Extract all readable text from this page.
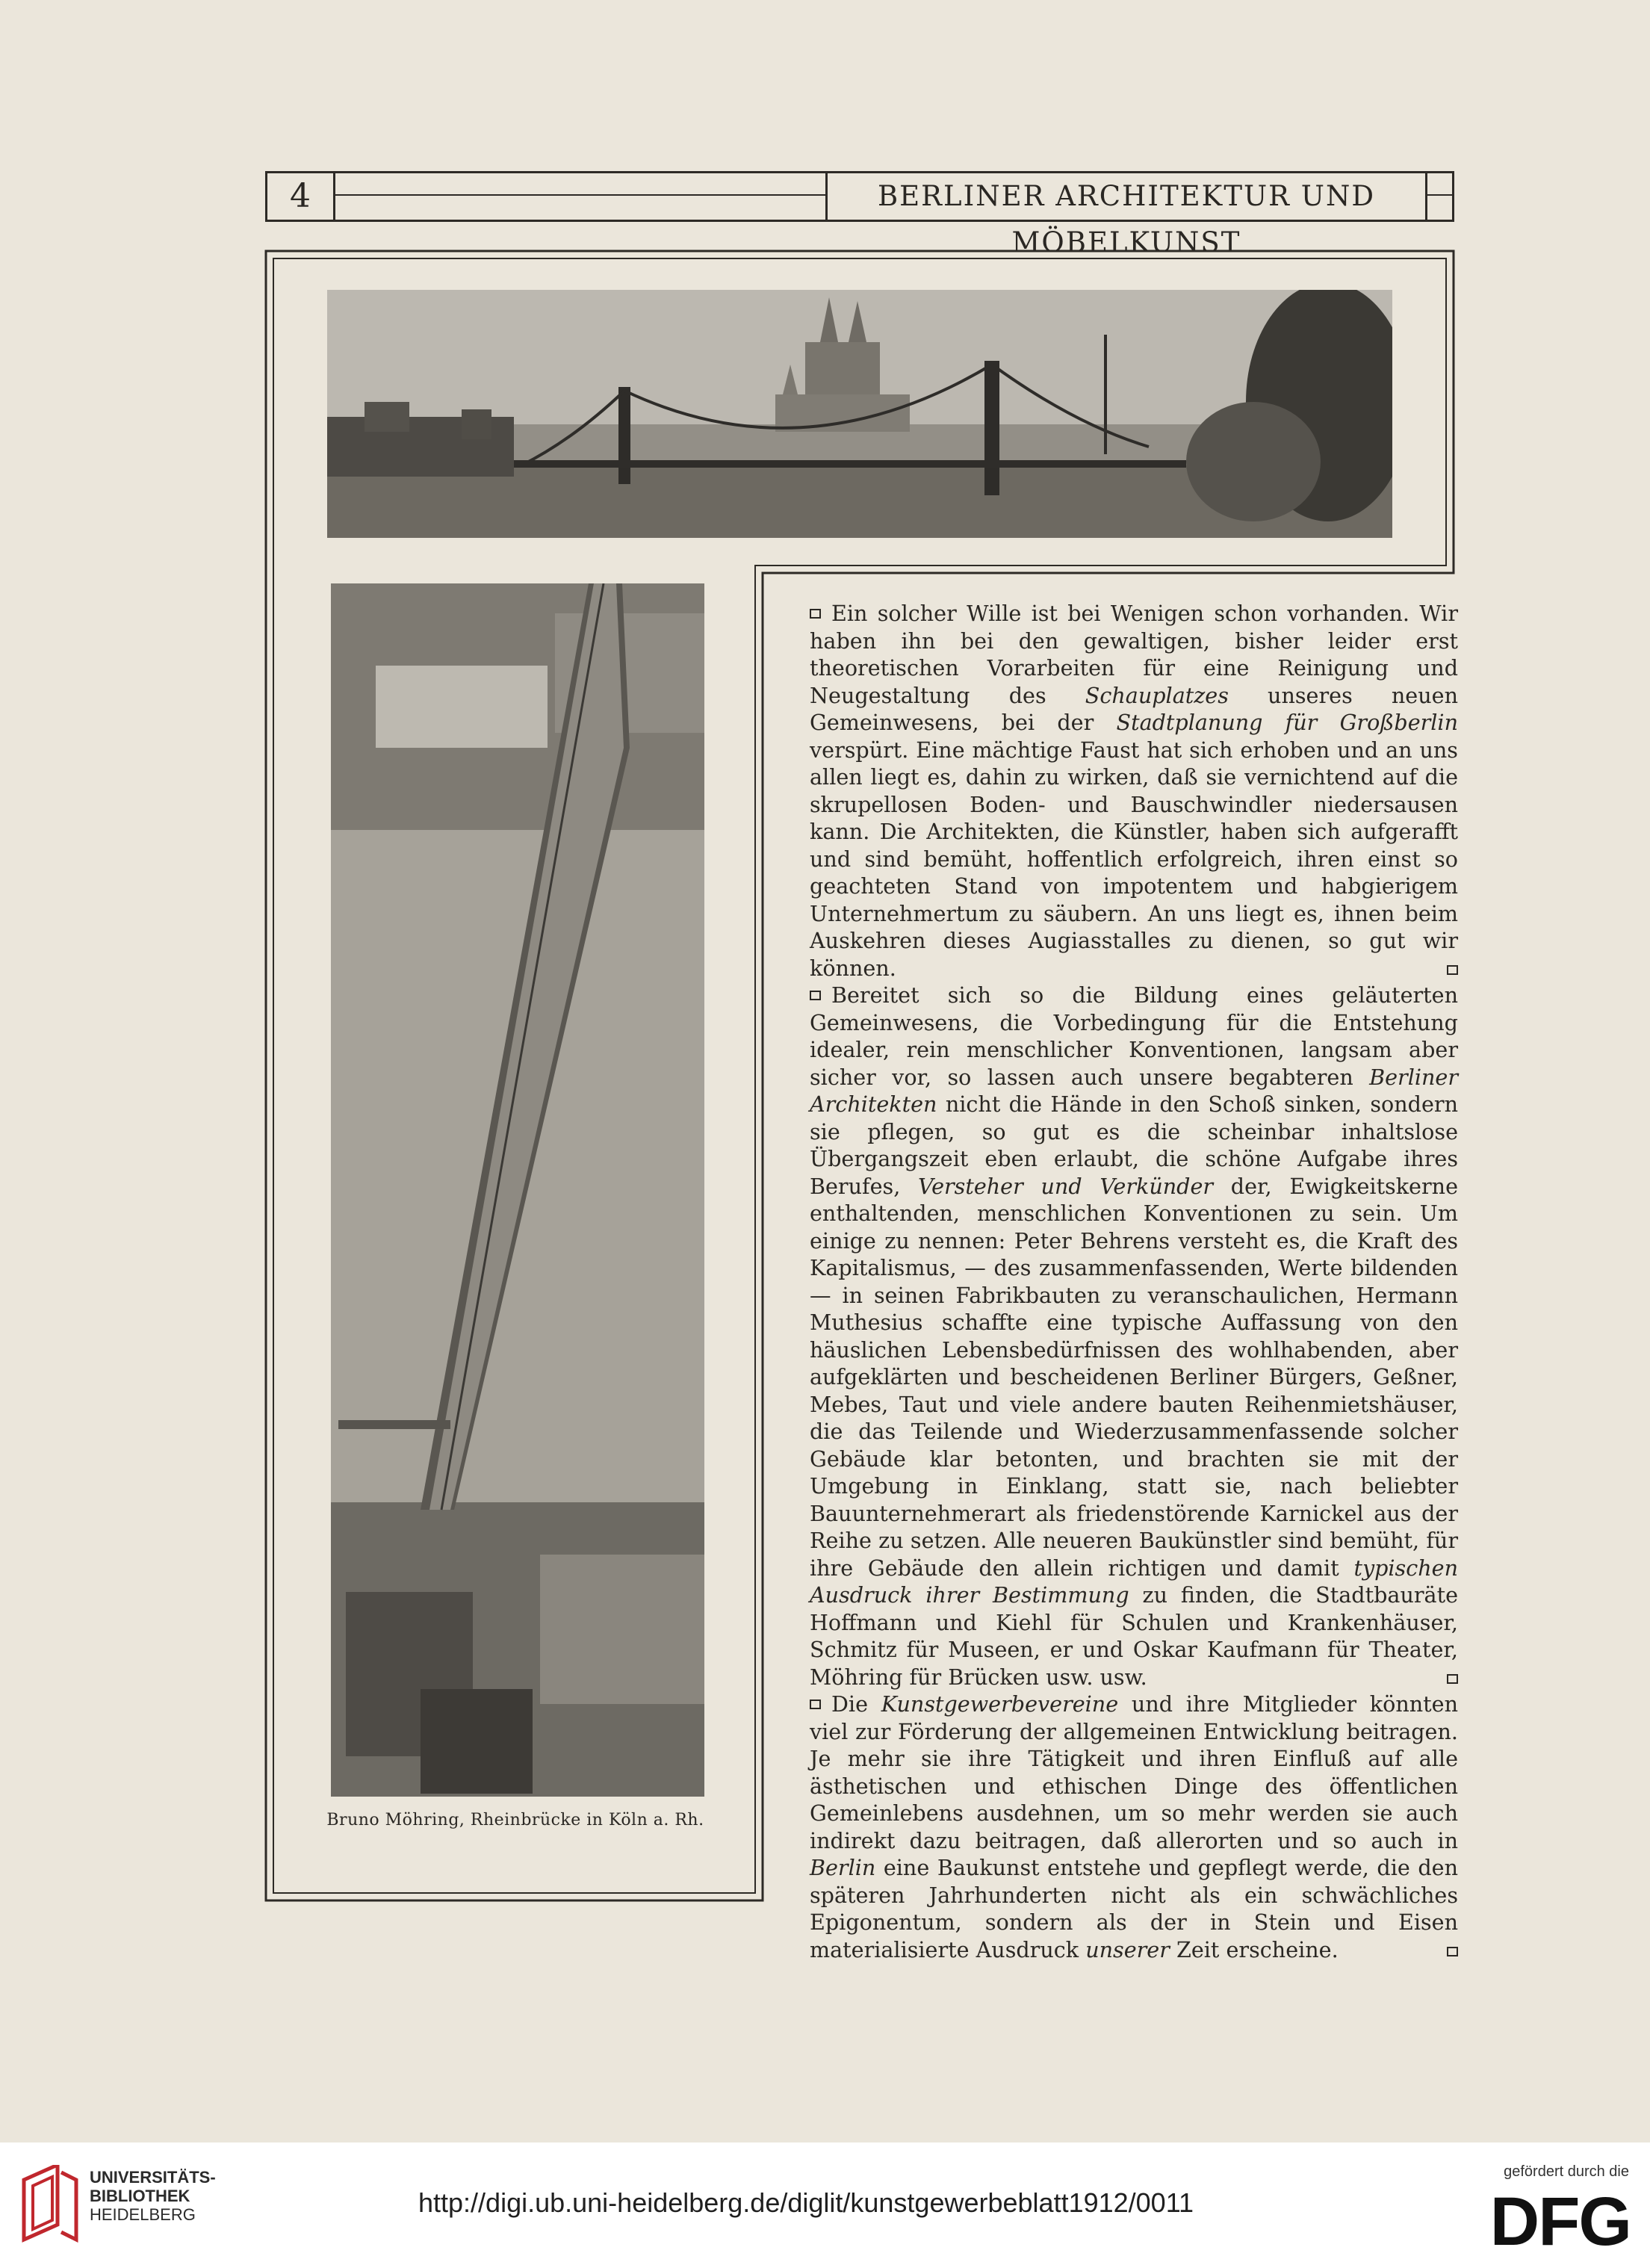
4	BERLINER ARCHITEKTUR UND MÖBELKUNST
Bruno Möhring, Rheinbrücke in Köln a. Rh.

Ein solcher Wille ist bei Wenigen schon vorhanden. Wir haben ihn bei den gewaltigen, bisher leider erst theoretischen Vorarbeiten für eine Reinigung und Neugestaltung des Schauplatzes unseres neuen Gemeinwesens, bei der Stadtplanung für Großberlin verspürt. Eine mächtige Faust hat sich erhoben und an uns allen liegt es, dahin zu wirken, daß sie vernichtend auf die skrupellosen Boden- und Bauschwindler niedersausen kann. Die Architekten, die Künstler, haben sich aufgerafft und sind bemüht, hoffentlich erfolgreich, ihren einst so geachteten Stand von impotentem und habgierigem Unternehmertum zu säubern. An uns liegt es, ihnen beim Auskehren dieses Augiasstalles zu dienen, so gut wir können.

Bereitet sich so die Bildung eines geläuterten Gemeinwesens, die Vorbedingung für die Entstehung idealer, rein menschlicher Konventionen, langsam aber sicher vor, so lassen auch unsere begabteren Berliner Architekten nicht die Hände in den Schoß sinken, sondern sie pflegen, so gut es die scheinbar inhaltslose Übergangszeit eben erlaubt, die schöne Aufgabe ihres Berufes, Versteher und Verkünder der, Ewigkeitskerne enthaltenden, menschlichen Konventionen zu sein. Um einige zu nennen: Peter Behrens versteht es, die Kraft des Kapitalismus, — des zusammenfassenden, Werte bildenden — in seinen Fabrikbauten zu veranschaulichen, Hermann Muthesius schaffte eine typische Auffassung von den häuslichen Lebensbedürfnissen des wohlhabenden, aber aufgeklärten und bescheidenen Berliner Bürgers, Geßner, Mebes, Taut und viele andere bauten Reihenmietshäuser, die das Teilende und Wiederzusammenfassende solcher Gebäude klar betonten, und brachten sie mit der Umgebung in Einklang, statt sie, nach beliebter Bauunternehmerart als friedenstörende Karnickel aus der Reihe zu setzen. Alle neueren Baukünstler sind bemüht, für ihre Gebäude den allein richtigen und damit typischen Ausdruck ihrer Bestimmung zu finden, die Stadtbauräte Hoffmann und Kiehl für Schulen und Krankenhäuser, Schmitz für Museen, er und Oskar Kaufmann für Theater, Möhring für Brücken usw. usw.

Die Kunstgewerbevereine und ihre Mitglieder könnten viel zur Förderung der allgemeinen Entwicklung beitragen. Je mehr sie ihre Tätigkeit und ihren Einfluß auf alle ästhetischen und ethischen Dinge des öffentlichen Gemeinlebens ausdehnen, um so mehr werden sie auch indirekt dazu beitragen, daß allerorten und so auch in Berlin eine Baukunst entstehe und gepflegt werde, die den späteren Jahrhunderten nicht als ein schwächliches Epigonentum, sondern als der in Stein und Eisen materialisierte Ausdruck unserer Zeit erscheine.

UNIVERSITÄTS-
BIBLIOTHEK
HEIDELBERG	http://digi.ub.uni-heidelberg.de/diglit/kunstgewerbeblatt1912/0011
gefördert durch die
DFG
